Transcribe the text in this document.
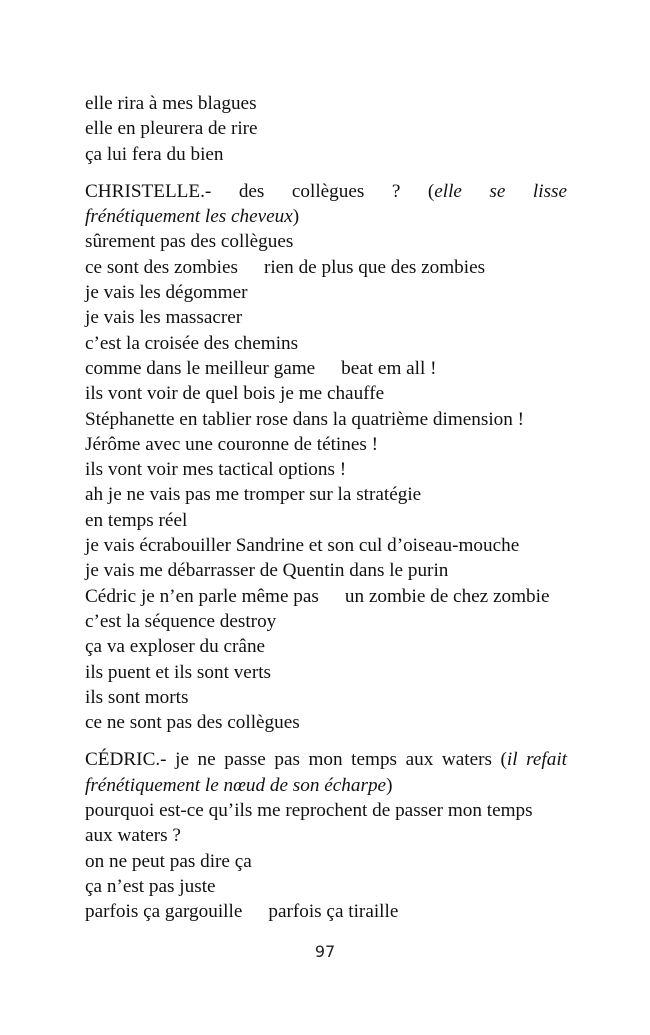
elle rira à mes blagues
elle en pleurera de rire
ça lui fera du bien
CHRISTELLE.- des collègues ? (elle se lisse
frénétiquement les cheveux)
sûrement pas des collègues
ce sont des zombies rien de plus que des zombies
je vais les dégommer
je vais les massacrer
c’est la croisée des chemins
comme dans le meilleur game beat em all !
ils vont voir de quel bois je me chauffe
Stéphanette en tablier rose dans la quatrième dimension !
Jérôme avec une couronne de tétines !
ils vont voir mes tactical options !
ah je ne vais pas me tromper sur la stratégie
en temps réel
je vais écrabouiller Sandrine et son cul d’oiseau-mouche
je vais me débarrasser de Quentin dans le purin
Cédric je n’en parle même pas un zombie de chez zombie
c’est la séquence destroy
ça va exploser du crâne
ils puent et ils sont verts
ils sont morts
ce ne sont pas des collègues
CÉDRIC.- je ne passe pas mon temps aux waters (il refait
frénétiquement le nœud de son écharpe)
pourquoi est-ce qu’ils me reprochent de passer mon temps
aux waters ?
on ne peut pas dire ça
ça n’est pas juste
parfois ça gargouille parfois ça tiraille
97
